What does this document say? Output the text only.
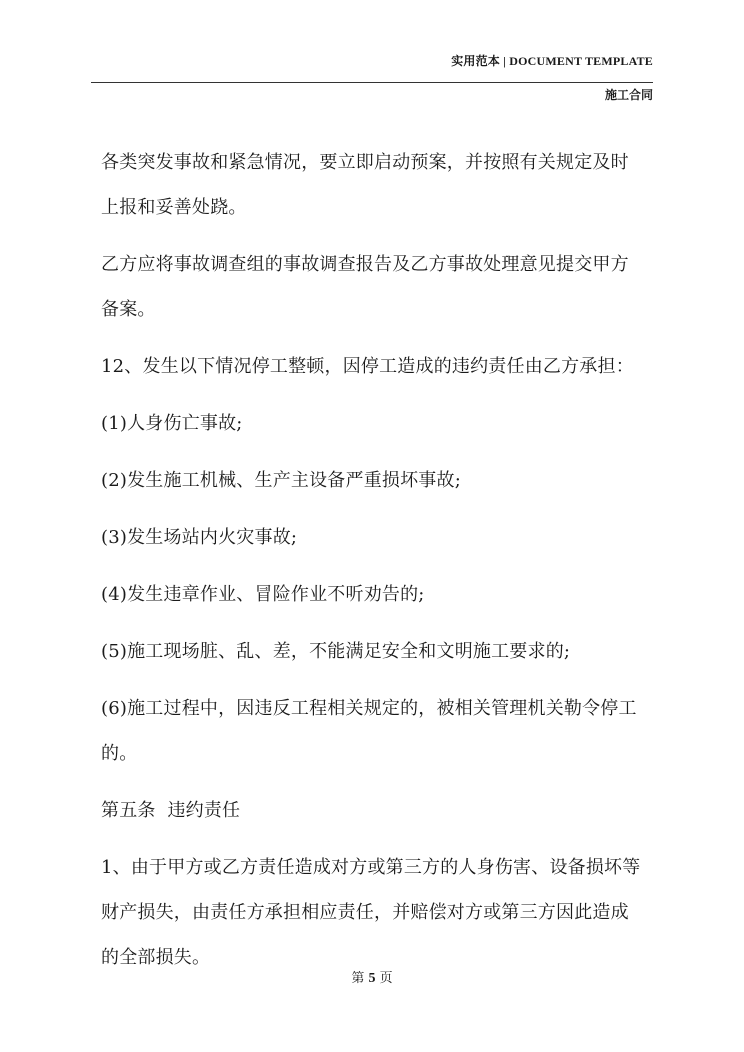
实用范本 | DOCUMENT TEMPLATE
施工合同

各类突发事故和紧急情况，要立即启动预案，并按照有关规定及时
上报和妥善处跷。

乙方应将事故调查组的事故调查报告及乙方事故处理意见提交甲方
备案。

12、发生以下情况停工整顿，因停工造成的违约责任由乙方承担：

(1)人身伤亡事故;

(2)发生施工机械、生产主设备严重损坏事故;

(3)发生场站内火灾事故;

(4)发生违章作业、冒险作业不听劝告的;

(5)施工现场脏、乱、差，不能满足安全和文明施工要求的;

(6)施工过程中，因违反工程相关规定的，被相关管理机关勒令停工
的。

第五条  违约责任

1、由于甲方或乙方责任造成对方或第三方的人身伤害、设备损坏等
财产损失，由责任方承担相应责任，并赔偿对方或第三方因此造成
的全部损失。

第 5 页
